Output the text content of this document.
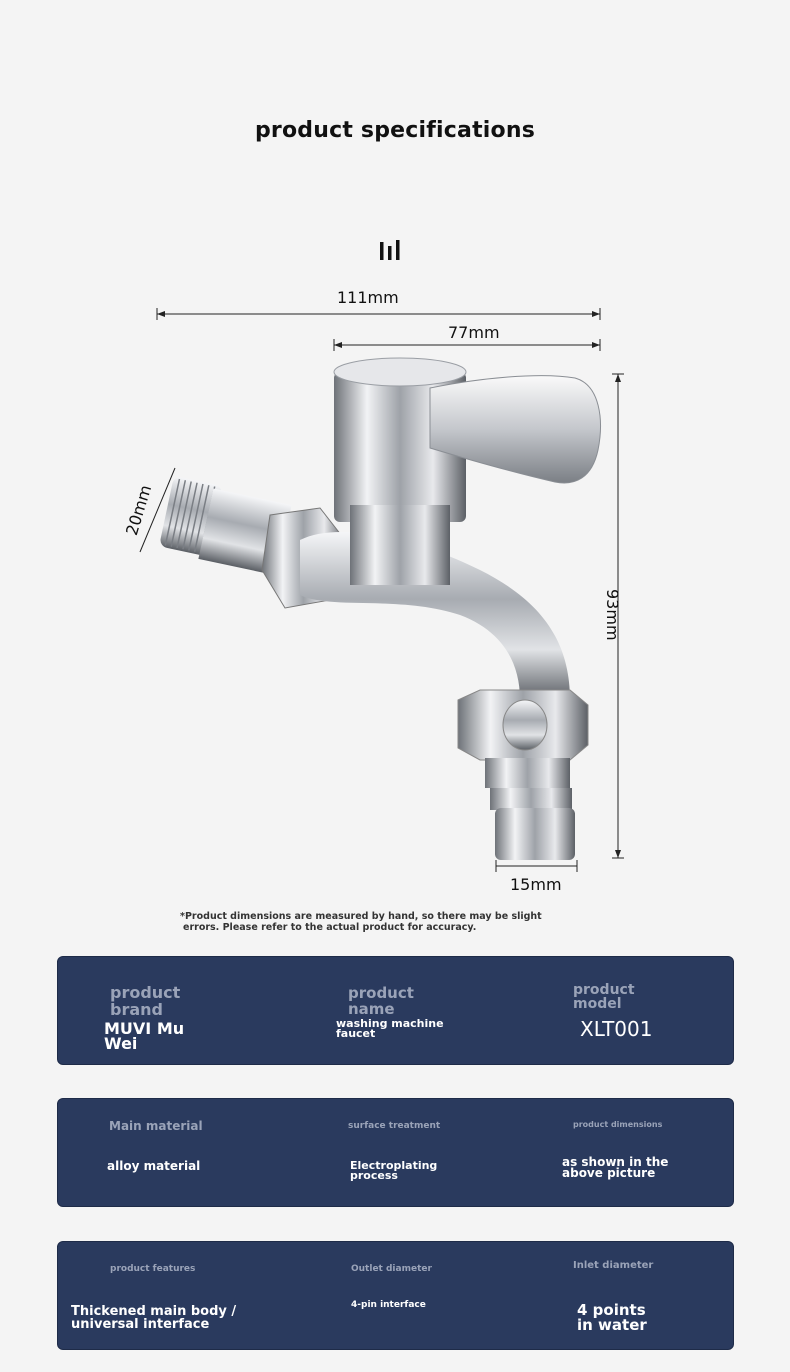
product specifications
111mm
77mm
93mm
20mm
15mm
*Product dimensions are measured by hand, so there may be slight
errors. Please refer to the actual product for accuracy.
product
brand
MUVI Mu
Wei
product
name
washing machine
faucet
product
model
XLT001
Main material
alloy material
surface treatment
Electroplating
process
product dimensions
as shown in the
above picture
product features
Thickened main body /
universal interface
Outlet diameter
4-pin interface
Inlet diameter
4 points
in water
